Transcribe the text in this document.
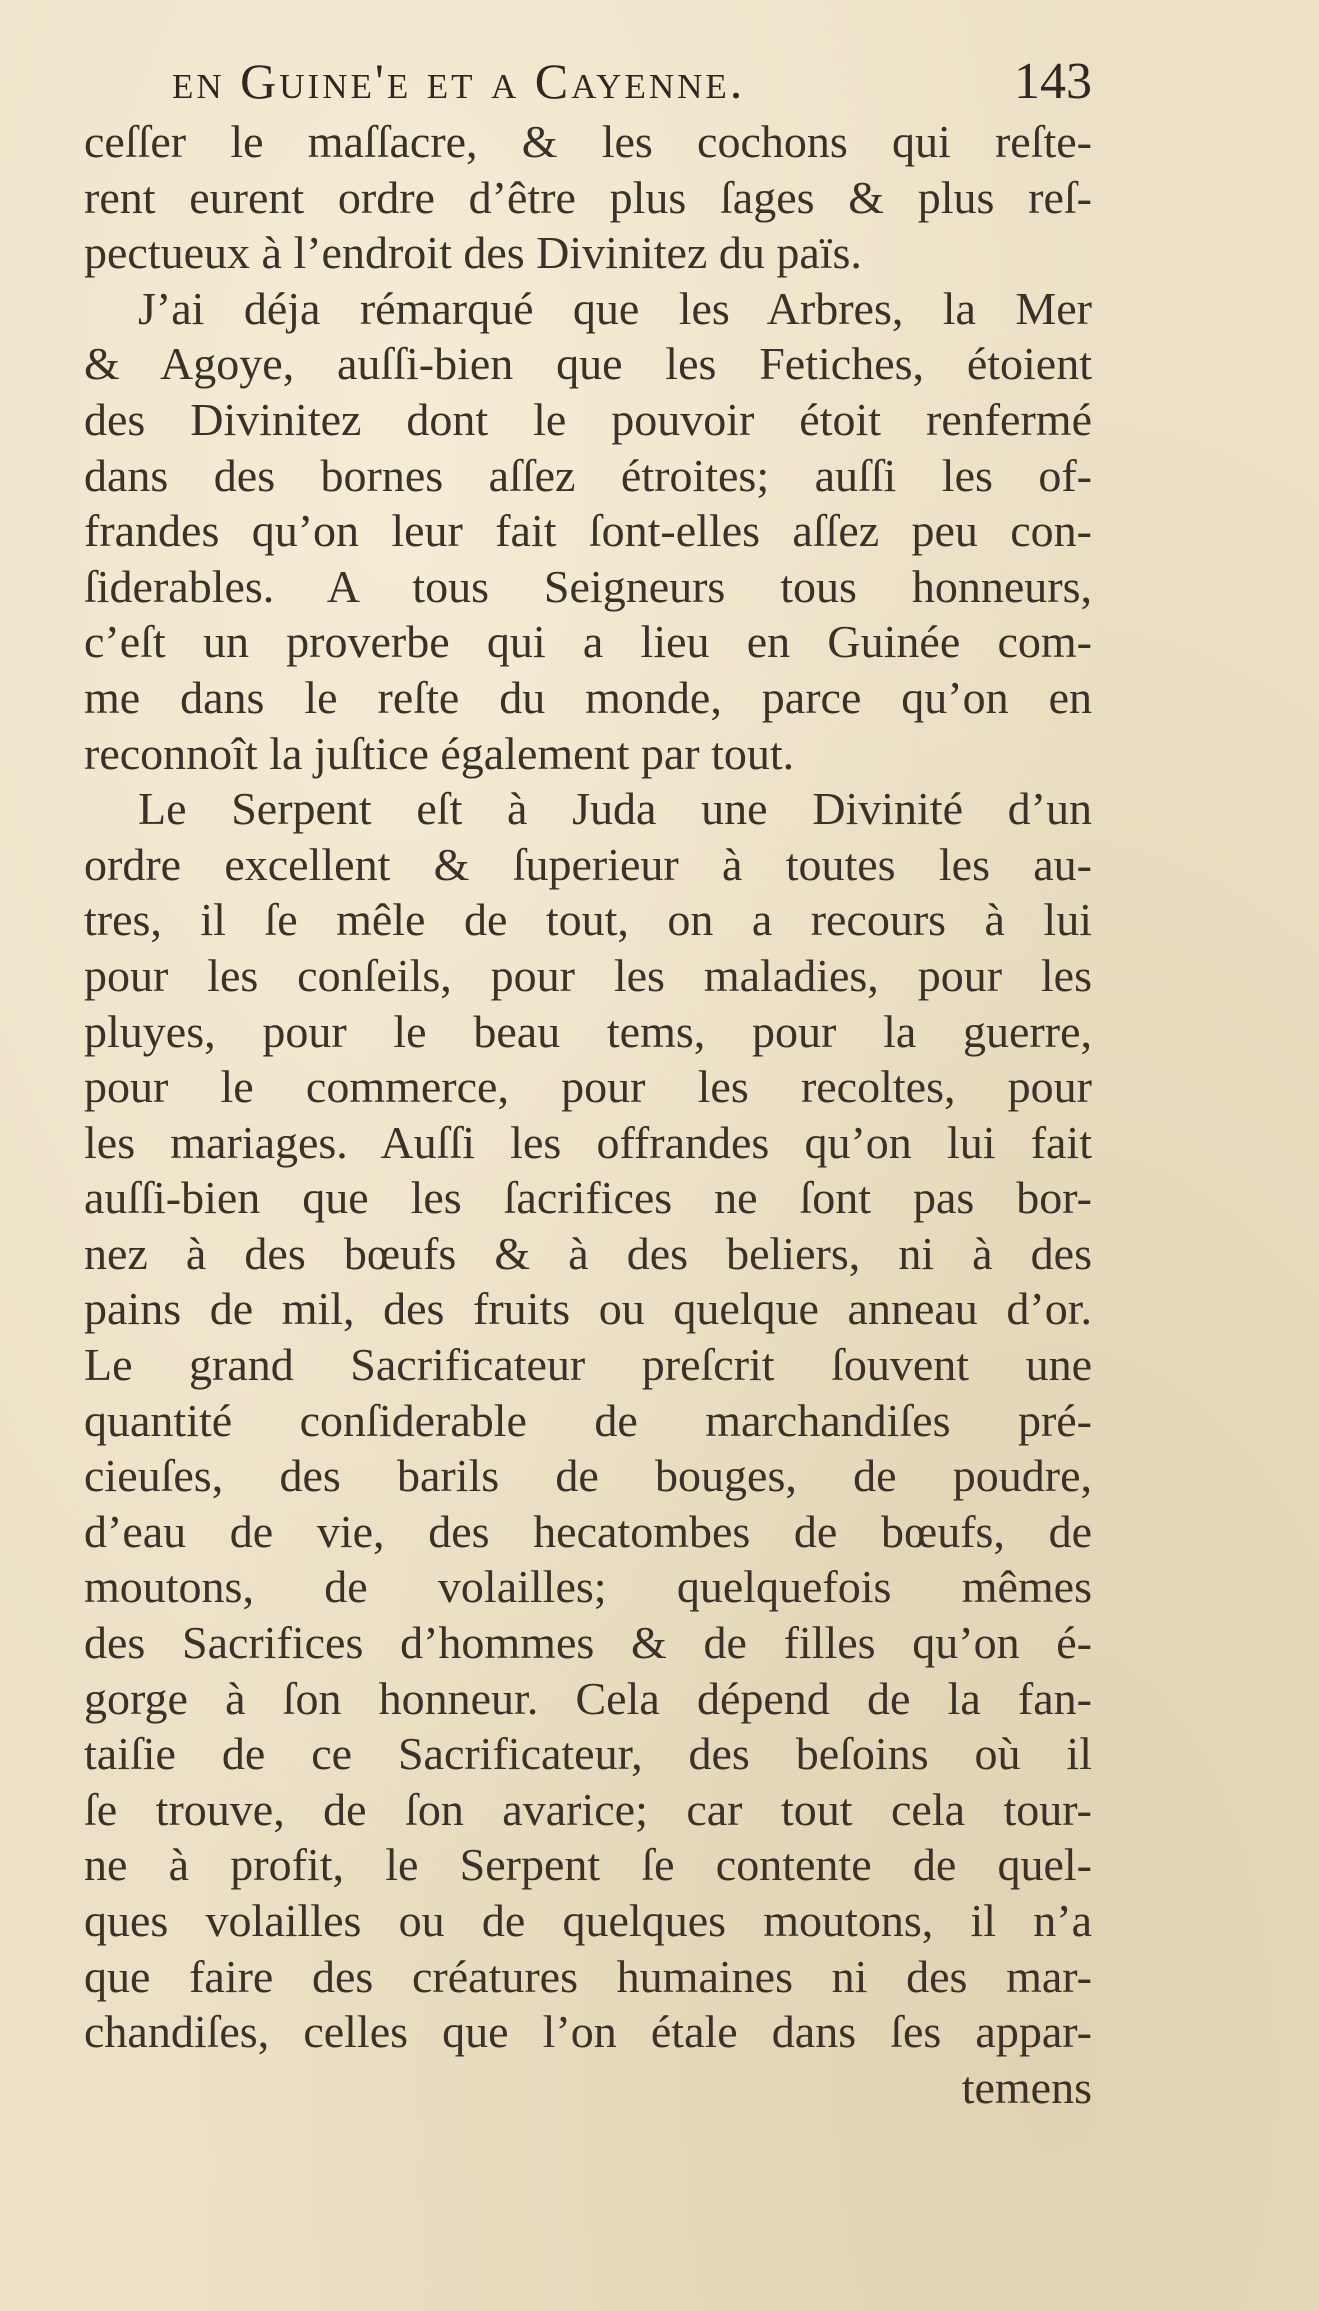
en Guine'e et a Cayenne.	143
ceſſer le maſſacre, & les cochons qui reſte-
rent eurent ordre d’être plus ſages & plus reſ-
pectueux à l’endroit des Divinitez du païs.
J’ai déja rémarqué que les Arbres, la Mer
& Agoye, auſſi-bien que les Fetiches, étoient
des Divinitez dont le pouvoir étoit renfermé
dans des bornes aſſez étroites; auſſi les of-
frandes qu’on leur fait ſont-elles aſſez peu con-
ſiderables. A tous Seigneurs tous honneurs,
c’eſt un proverbe qui a lieu en Guinée com-
me dans le reſte du monde, parce qu’on en
reconnoît la juſtice également par tout.
Le Serpent eſt à Juda une Divinité d’un
ordre excellent & ſuperieur à toutes les au-
tres, il ſe mêle de tout, on a recours à lui
pour les conſeils, pour les maladies, pour les
pluyes, pour le beau tems, pour la guerre,
pour le commerce, pour les recoltes, pour
les mariages. Auſſi les offrandes qu’on lui fait
auſſi-bien que les ſacrifices ne ſont pas bor-
nez à des bœufs & à des beliers, ni à des
pains de mil, des fruits ou quelque anneau d’or.
Le grand Sacrificateur preſcrit ſouvent une
quantité conſiderable de marchandiſes pré-
cieuſes, des barils de bouges, de poudre,
d’eau de vie, des hecatombes de bœufs, de
moutons, de volailles; quelquefois mêmes
des Sacrifices d’hommes & de filles qu’on é-
gorge à ſon honneur. Cela dépend de la fan-
taiſie de ce Sacrificateur, des beſoins où il
ſe trouve, de ſon avarice; car tout cela tour-
ne à profit, le Serpent ſe contente de quel-
ques volailles ou de quelques moutons, il n’a
que faire des créatures humaines ni des mar-
chandiſes, celles que l’on étale dans ſes appar-
temens
